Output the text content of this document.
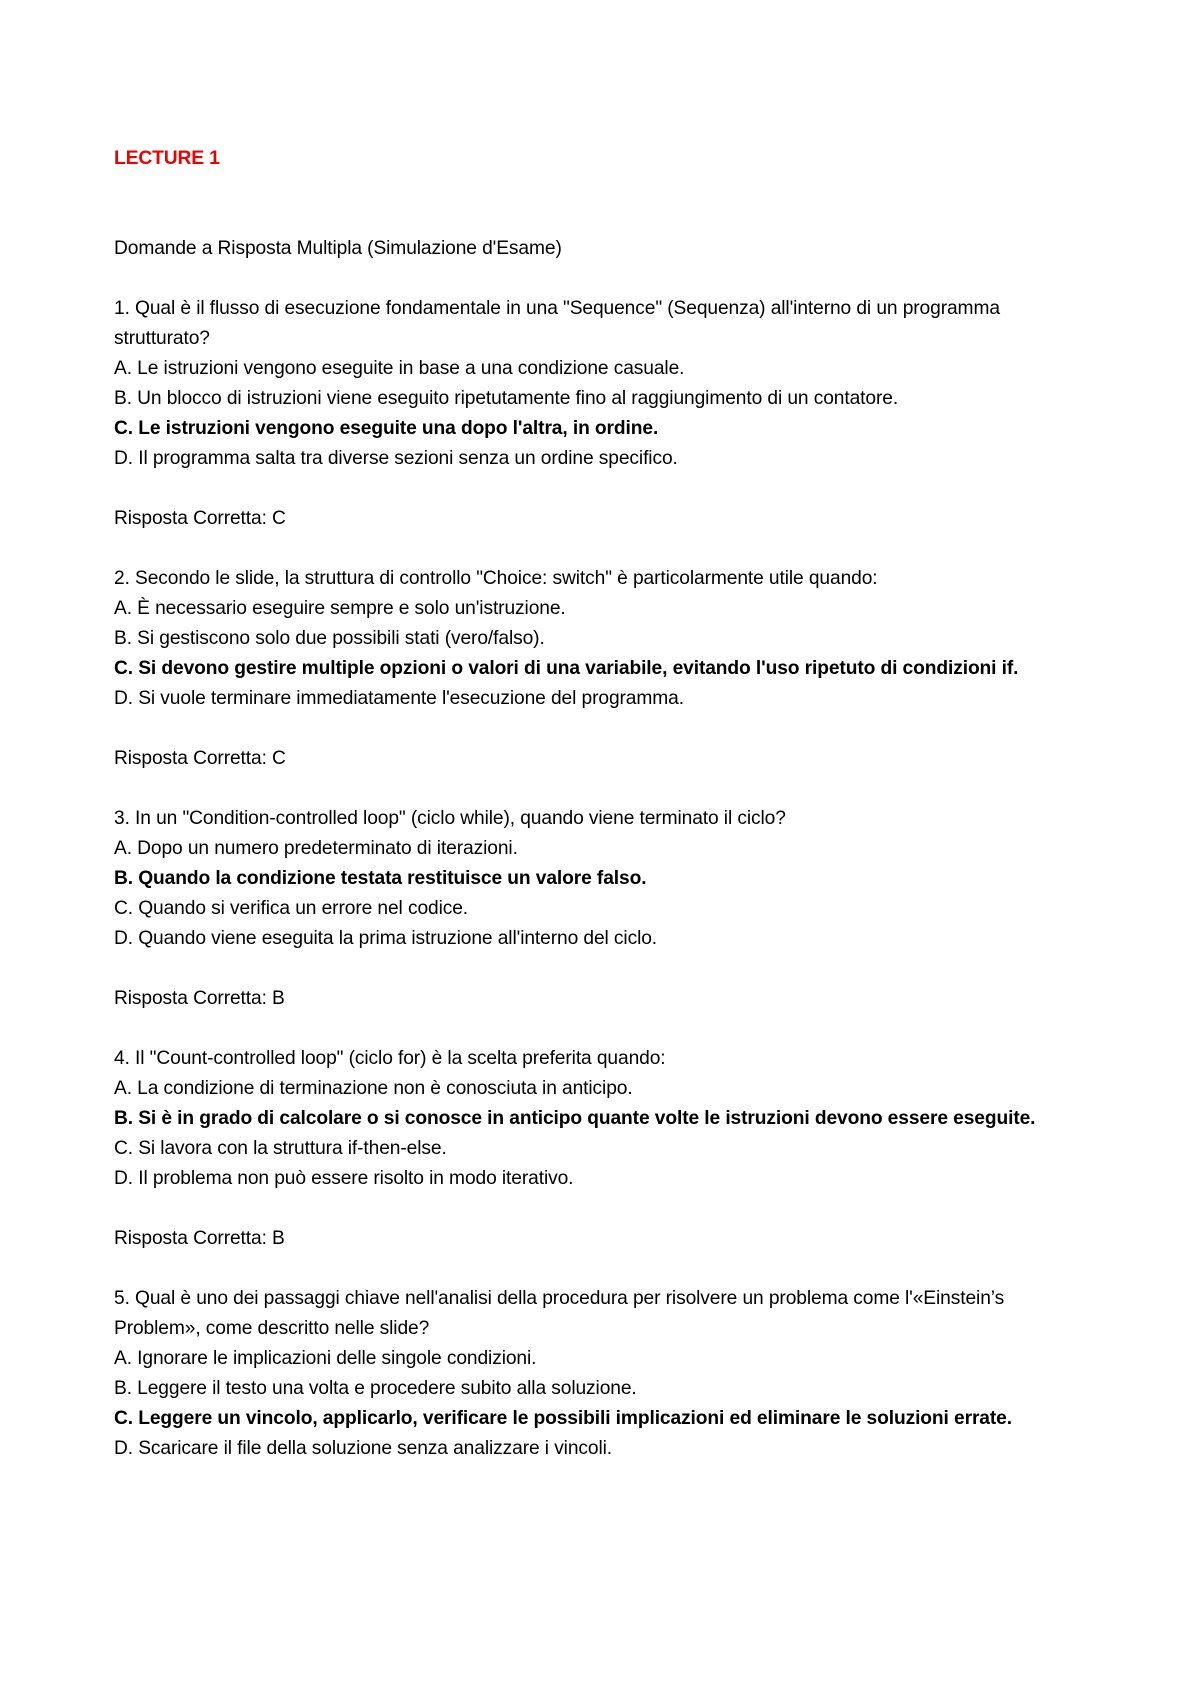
LECTURE 1

Domande a Risposta Multipla (Simulazione d'Esame)

1. Qual è il flusso di esecuzione fondamentale in una "Sequence" (Sequenza) all'interno di un programma strutturato?

A. Le istruzioni vengono eseguite in base a una condizione casuale.

B. Un blocco di istruzioni viene eseguito ripetutamente fino al raggiungimento di un contatore.

C. Le istruzioni vengono eseguite una dopo l'altra, in ordine.

D. Il programma salta tra diverse sezioni senza un ordine specifico.

Risposta Corretta: C

2. Secondo le slide, la struttura di controllo "Choice: switch" è particolarmente utile quando:

A. È necessario eseguire sempre e solo un'istruzione.

B. Si gestiscono solo due possibili stati (vero/falso).

C. Si devono gestire multiple opzioni o valori di una variabile, evitando l'uso ripetuto di condizioni if.

D. Si vuole terminare immediatamente l'esecuzione del programma.

Risposta Corretta: C

3. In un "Condition-controlled loop" (ciclo while), quando viene terminato il ciclo?

A. Dopo un numero predeterminato di iterazioni.

B. Quando la condizione testata restituisce un valore falso.

C. Quando si verifica un errore nel codice.

D. Quando viene eseguita la prima istruzione all'interno del ciclo.

Risposta Corretta: B

4. Il "Count-controlled loop" (ciclo for) è la scelta preferita quando:

A. La condizione di terminazione non è conosciuta in anticipo.

B. Si è in grado di calcolare o si conosce in anticipo quante volte le istruzioni devono essere eseguite.

C. Si lavora con la struttura if-then-else.

D. Il problema non può essere risolto in modo iterativo.

Risposta Corretta: B

5. Qual è uno dei passaggi chiave nell'analisi della procedura per risolvere un problema come l'«Einstein’s Problem», come descritto nelle slide?

A. Ignorare le implicazioni delle singole condizioni.

B. Leggere il testo una volta e procedere subito alla soluzione.

C. Leggere un vincolo, applicarlo, verificare le possibili implicazioni ed eliminare le soluzioni errate.

D. Scaricare il file della soluzione senza analizzare i vincoli.
